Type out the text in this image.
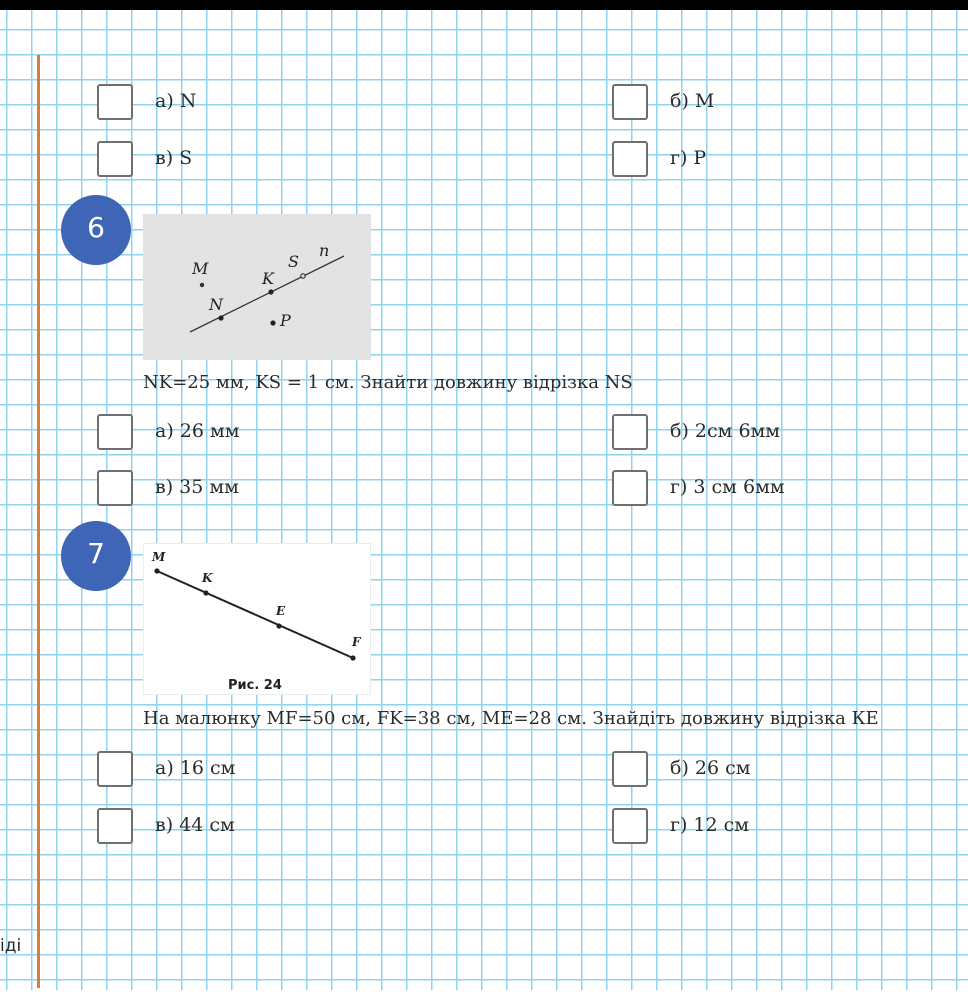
іді
а) N	б) M
в) S	г) P
M
N
K
S
n
P
6
NK=25 мм, KS = 1 см. Знайти довжину відрізка NS
а) 26 мм	б) 2см 6мм
в) 35 мм	г) 3 см 6мм
M
K
E
F
Рис. 24
7
На малюнку MF=50 см, FK=38 см, ME=28 см. Знайдіть довжину відрізка КЕ
а) 16 см	б) 26 см
в) 44 см	г) 12 см
